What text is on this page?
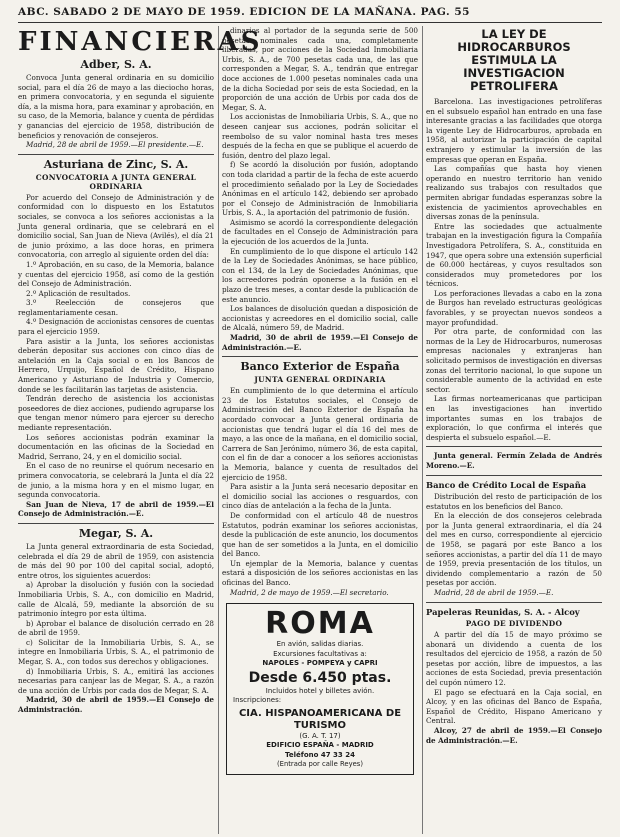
ABC. SABADO 2 DE MAYO DE 1959. EDICION DE LA MAÑANA. PAG. 55
FINANCIERAS
Adber, S. A.

Convoca Junta general ordinaria en su domicilio social, para el día 26 de mayo a las dieciocho horas, en primera convocatoria, y en segunda el siguiente día, a la misma hora, para examinar y aprobación, en su caso, de la Memoria, balance y cuenta de pérdidas y ganancias del ejercicio de 1958, distribución de beneficios y renovación de consejeros.

Madrid, 28 de abril de 1959.—El presidente.—E.

Asturiana de Zinc, S. A.
CONVOCATORIA A JUNTA GENERAL ORDINARIA

Por acuerdo del Consejo de Administración y de conformidad con lo dispuesto en los Estatutos sociales, se convoca a los señores accionistas a la Junta general ordinaria, que se celebrará en el domicilio social, San Juan de Nieva (Avilés), el día 21 de junio próximo, a las doce horas, en primera convocatoria, con arreglo al siguiente orden del día:

1.º Aprobación, en su caso, de la Memoria, balance y cuentas del ejercicio 1958, así como de la gestión del Consejo de Administración.

2.º Aplicación de resultados.

3.º Reelección de consejeros que reglamentariamente cesan.

4.º Designación de accionistas censores de cuentas para el ejercicio 1959.

Para asistir a la Junta, los señores accionistas deberán depositar sus acciones con cinco días de antelación en la Caja social o en los Bancos de Herrero, Urquijo, Español de Crédito, Hispano Americano y Asturiano de Industria y Comercio, donde se les facilitarán las tarjetas de asistencia.

Tendrán derecho de asistencia los accionistas poseedores de diez acciones, pudiendo agruparse los que tengan menor número para ejercer su derecho mediante representación.

Los señores accionistas podrán examinar la documentación en las oficinas de la Sociedad en Madrid, Serrano, 24, y en el domicilio social.

En el caso de no reunirse el quórum necesario en primera convocatoria, se celebrará la Junta el día 22 de junio, a la misma hora y en el mismo lugar, en segunda convocatoria.

San Juan de Nieva, 17 de abril de 1959.—El Consejo de Administración.—E.

Megar, S. A.

La Junta general extraordinaria de esta Sociedad, celebrada el día 29 de abril de 1959, con asistencia de más del 90 por 100 del capital social, adoptó, entre otros, los siguientes acuerdos:

a) Aprobar la disolución y fusión con la sociedad Inmobiliaria Urbis, S. A., con domicilio en Madrid, calle de Alcalá, 59, mediante la absorción de su patrimonio íntegro por esta última.

b) Aprobar el balance de disolución cerrado en 28 de abril de 1959.

c) Solicitar de la Inmobiliaria Urbis, S. A., se integre en Inmobiliaria Urbis, S. A., el patrimonio de Megar, S. A., con todos sus derechos y obligaciones.

d) Inmobiliaria Urbis, S. A., emitirá las acciones necesarias para canjear las de Megar, S. A., a razón de una acción de Urbis por cada dos de Megar, S. A.

Madrid, 30 de abril de 1959.—El Consejo de Administración.

dinarios al portador de la segunda serie de 500 pesetas nominales cada una, completamente liberadas, por acciones de la Sociedad Inmobiliaria Urbis, S. A., de 700 pesetas cada una, de las que corresponden a Megar, S. A., tendrán que entregar doce acciones de 1.000 pesetas nominales cada una de la dicha Sociedad por seis de esta Sociedad, en la proporción de una acción de Urbis por cada dos de Megar, S. A.

Los accionistas de Inmobiliaria Urbis, S. A., que no deseen canjear sus acciones, podrán solicitar el reembolso de su valor nominal hasta tres meses después de la fecha en que se publique el acuerdo de fusión, dentro del plazo legal.

f) Se acordó la disolución por fusión, adoptando con toda claridad a partir de la fecha de este acuerdo el procedimiento señalado por la Ley de Sociedades Anónimas en el artículo 142, debiendo ser aprobado por el Consejo de Administración de Inmobiliaria Urbis, S. A., la aportación del patrimonio de fusión.

Asimismo se acordó la correspondiente delegación de facultades en el Consejo de Administración para la ejecución de los acuerdos de la Junta.

En cumplimiento de lo que dispone el artículo 142 de la Ley de Sociedades Anónimas, se hace público, con el 134, de la Ley de Sociedades Anónimas, que los acreedores podrán oponerse a la fusión en el plazo de tres meses, a contar desde la publicación de este anuncio.

Los balances de disolución quedan a disposición de accionistas y acreedores en el domicilio social, calle de Alcalá, número 59, de Madrid.

Madrid, 30 de abril de 1959.—El Consejo de Administración.—E.

Banco Exterior de España
JUNTA GENERAL ORDINARIA

En cumplimiento de lo que determina el artículo 23 de los Estatutos sociales, el Consejo de Administración del Banco Exterior de España ha acordado convocar a Junta general ordinaria de accionistas que tendrá lugar el día 16 del mes de mayo, a las once de la mañana, en el domicilio social, Carrera de San Jerónimo, número 36, de esta capital, con el fin de dar a conocer a los señores accionistas la Memoria, balance y cuenta de resultados del ejercicio de 1958.

Para asistir a la Junta será necesario depositar en el domicilio social las acciones o resguardos, con cinco días de antelación a la fecha de la Junta.

De conformidad con el artículo 48 de nuestros Estatutos, podrán examinar los señores accionistas, desde la publicación de este anuncio, los documentos que han de ser sometidos a la Junta, en el domicilio del Banco.

Un ejemplar de la Memoria, balance y cuentas estará a disposición de los señores accionistas en las oficinas del Banco.

Madrid, 2 de mayo de 1959.—El secretario.

ROMA
En avión, salidas diarias.
Excursiones facultativas a:
NAPOLES - POMPEYA y CAPRI
Desde 6.450 ptas.
Incluidos hotel y billetes avión.
Inscripciones:
CIA. HISPANOAMERICANA DE TURISMO
(G. A. T. 17)
EDIFICIO ESPAÑA - MADRID
Teléfono 47 33 24
(Entrada por calle Reyes)
LA LEY DE HIDROCARBUROS ESTIMULA LA INVESTIGACION PETROLIFERA

Barcelona. Las investigaciones petrolíferas en el subsuelo español han entrado en una fase interesante gracias a las facilidades que otorga la vigente Ley de Hidrocarburos, aprobada en 1958, al autorizar la participación de capital extranjero y estimular la inversión de las empresas que operan en España.

Las compañías que hasta hoy vienen operando en nuestro territorio han venido realizando sus trabajos con resultados que permiten abrigar fundadas esperanzas sobre la existencia de yacimientos aprovechables en diversas zonas de la península.

Entre las sociedades que actualmente trabajan en la investigación figura la Compañía Investigadora Petrolífera, S. A., constituida en 1947, que opera sobre una extensión superficial de 60.000 hectáreas, y cuyos resultados son considerados muy prometedores por los técnicos.

Los perforaciones llevadas a cabo en la zona de Burgos han revelado estructuras geológicas favorables, y se proyectan nuevos sondeos a mayor profundidad.

Por otra parte, de conformidad con las normas de la Ley de Hidrocarburos, numerosas empresas nacionales y extranjeras han solicitado permisos de investigación en diversas zonas del territorio nacional, lo que supone un considerable aumento de la actividad en este sector.

Las firmas norteamericanas que participan en las investigaciones han invertido importantes sumas en los trabajos de exploración, lo que confirma el interés que despierta el subsuelo español.—E.

Junta general. Fermín Zelada de Andrés Moreno.—E.

Banco de Crédito Local de España

Distribución del resto de participación de los estatutos en los beneficios del Banco.

En la elección de dos consejeros celebrada por la Junta general extraordinaria, el día 24 del mes en curso, correspondiente al ejercicio de 1958, se pagará por este Banco a los señores accionistas, a partir del día 11 de mayo de 1959, previa presentación de los títulos, un dividendo complementario a razón de 50 pesetas por acción.

Madrid, 28 de abril de 1959.—E.

Papeleras Reunidas, S. A. - Alcoy
PAGO DE DIVIDENDO

A partir del día 15 de mayo próximo se abonará un dividendo a cuenta de los resultados del ejercicio de 1958, a razón de 50 pesetas por acción, libre de impuestos, a las acciones de esta Sociedad, previa presentación del cupón número 12.

El pago se efectuará en la Caja social, en Alcoy, y en las oficinas del Banco de España, Español de Crédito, Hispano Americano y Central.

Alcoy, 27 de abril de 1959.—El Consejo de Administración.—E.
